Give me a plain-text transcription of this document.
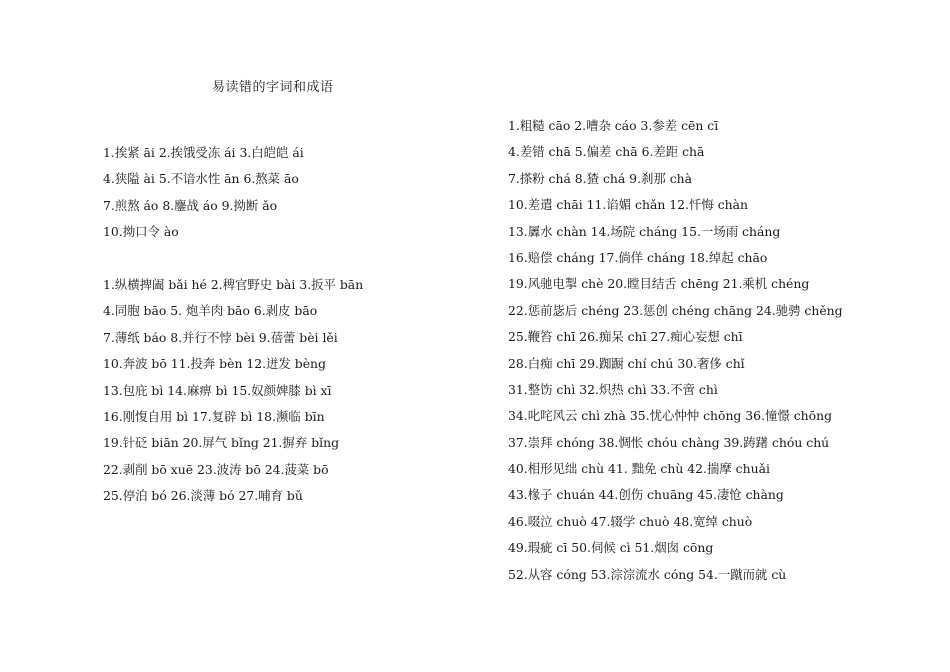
易读错的字词和成语
1.挨紧 āi 2.挨饿受冻 ái 3.白皑皑 ái
4.狭隘 ài 5.不谙水性 ān 6.熬菜 āo
7.煎熬 áo 8.鏖战 áo 9.拗断 ǎo
10.拗口令 ào
1.纵横捭阖 bǎi hé 2.稗官野史 bài 3.扳平 bān
4.同胞 bāo 5. 炮羊肉 bāo 6.剥皮 bāo
7.薄纸 báo 8.并行不悖 bèi 9.蓓蕾 bèi lěi
10.奔波 bō 11.投奔 bèn 12.迸发 bèng
13.包庇 bì 14.麻痹 bì 15.奴颜婢膝 bì xī
16.刚愎自用 bì 17.复辟 bì 18.濒临 bīn
19.针砭 biān 20.屏气 bǐng 21.摒弃 bǐng
22.剥削 bō xuē 23.波涛 bō 24.菠菜 bō
25.停泊 bó 26.淡薄 bó 27.哺育 bǔ
1.粗糙 cāo 2.嘈杂 cáo 3.参差 cēn cī
4.差错 chā 5.偏差 chā 6.差距 chā
7.搽粉 chá 8.猹 chá 9.刹那 chà
10.差遣 chāi 11.谄媚 chǎn 12.忏悔 chàn
13.羼水 chàn 14.场院 cháng 15.一场雨 cháng
16.赔偿 cháng 17.倘佯 cháng 18.绰起 chāo
19.风驰电掣 chè 20.瞠目结舌 chēng 21.乘机 chéng
22.惩前毖后 chéng 23.惩创 chéng chāng 24.驰骋 chěng
25.鞭笞 chī 26.痴呆 chī 27.痴心妄想 chī
28.白痴 chī 29.踟蹰 chí chú 30.奢侈 chǐ
31.整饬 chì 32.炽热 chì 33.不啻 chì
34.叱咤风云 chì zhà 35.忧心忡忡 chōng 36.憧憬 chōng
37.崇拜 chóng 38.惆怅 chóu chàng 39.踌躇 chóu chú
40.相形见绌 chù 41. 黜免 chù 42.揣摩 chuǎi
43.椽子 chuán 44.创伤 chuāng 45.凄怆 chàng
46.啜泣 chuò 47.辍学 chuò 48.宽绰 chuò
49.瑕疵 cī 50.伺候 cì 51.烟囱 cōng
52.从容 cóng 53.淙淙流水 cóng 54.一蹴而就 cù
